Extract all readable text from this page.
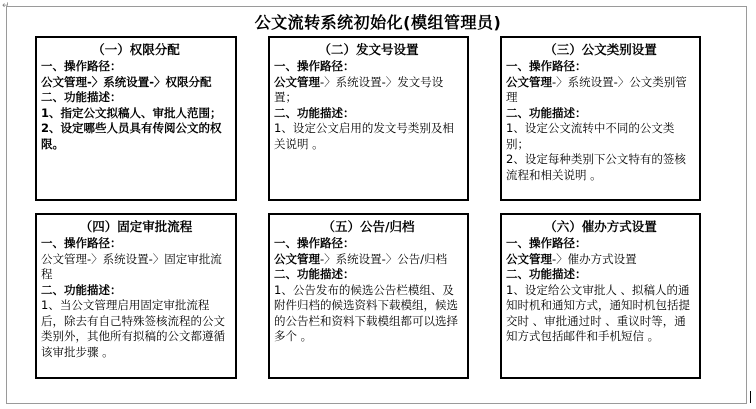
↵
公文流转系统初始化(模组管理员)
（一）权限分配
一、操作路径：
公文管理-〉系统设置-〉权限分配
二、功能描述：
1、指定公文拟稿人、审批人范围；
2、设定哪些人员具有传阅公文的权限。
（二）发文号设置
一、操作路径：
公文管理-〉系统设置-〉发文号设置；
二、功能描述：
1、设定公文启用的发文号类别及相关说明 。
（三）公文类别设置
一、操作路径：
公文管理-〉系统设置-〉公文类别管理
二、功能描述：
1、设定公文流转中不同的公文类别；
2、设定每种类别下公文特有的签核流程和相关说明 。
（四）固定审批流程
一、操作路径：
公文管理-〉系统设置-〉固定审批流程
二、功能描述：
1、当公文管理启用固定审批流程后，除去有自己特殊签核流程的公文类别外，其他所有拟稿的公文都遵循该审批步骤 。
（五）公告/归档
一、操作路径：
公文管理-〉系统设置-〉公告/归档
二、功能描述：
1、公告发布的候选公告栏模组、及附件归档的候选资料下载模组，候选的公告栏和资料下载模组都可以选择多个 。
（六）催办方式设置
一、操作路径：
公文管理-〉催办方式设置
二、功能描述：
1、设定给公文审批人 、拟稿人的通知时机和通知方式，通知时机包括提交时 、审批通过时 、重议时等，通知方式包括邮件和手机短信 。
